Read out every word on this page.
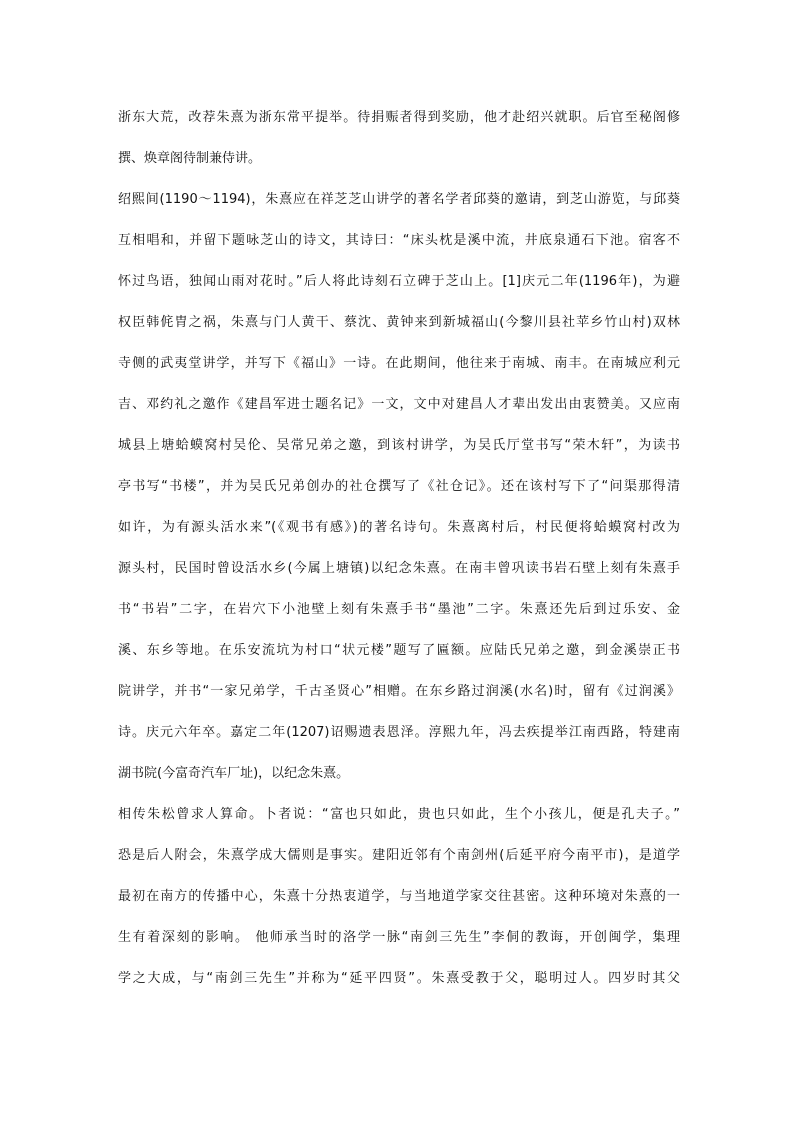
浙东大荒，改荐朱熹为浙东常平提举。待捐赈者得到奖励，他才赴绍兴就职。后官至秘阁修
撰、焕章阁待制兼侍讲。
绍熙间(1190～1194)，朱熹应在祥芝芝山讲学的著名学者邱葵的邀请，到芝山游览，与邱葵
互相唱和，并留下题咏芝山的诗文，其诗曰：“床头枕是溪中流，井底泉通石下池。宿客不
怀过鸟语，独闻山雨对花时。”后人将此诗刻石立碑于芝山上。[1]庆元二年(1196年)，为避
权臣韩侂胄之祸，朱熹与门人黄干、蔡沈、黄钟来到新城福山(今黎川县社苹乡竹山村)双林
寺侧的武夷堂讲学，并写下《福山》一诗。在此期间，他往来于南城、南丰。在南城应利元
吉、邓约礼之邀作《建昌军进士题名记》一文，文中对建昌人才辈出发出由衷赞美。又应南
城县上塘蛤蟆窝村吴伦、吴常兄弟之邀，到该村讲学，为吴氏厅堂书写“荣木轩”，为读书
亭书写“书楼”，并为吴氏兄弟创办的社仓撰写了《社仓记》。还在该村写下了“问渠那得清
如许，为有源头活水来”(《观书有感》)的著名诗句。朱熹离村后，村民便将蛤蟆窝村改为
源头村，民国时曾设活水乡(今属上塘镇)以纪念朱熹。在南丰曾巩读书岩石壁上刻有朱熹手
书“书岩”二字，在岩穴下小池壁上刻有朱熹手书“墨池”二字。朱熹还先后到过乐安、金
溪、东乡等地。在乐安流坑为村口“状元楼”题写了匾额。应陆氏兄弟之邀，到金溪崇正书
院讲学，并书“一家兄弟学，千古圣贤心”相赠。在东乡路过润溪(水名)时，留有《过润溪》
诗。庆元六年卒。嘉定二年(1207)诏赐遗表恩泽。淳熙九年，冯去疾提举江南西路，特建南
湖书院(今富奇汽车厂址)，以纪念朱熹。
相传朱松曾求人算命。卜者说：“富也只如此，贵也只如此，生个小孩儿，便是孔夫子。”
恐是后人附会，朱熹学成大儒则是事实。建阳近邻有个南剑州(后延平府今南平市)，是道学
最初在南方的传播中心，朱熹十分热衷道学，与当地道学家交往甚密。这种环境对朱熹的一
生有着深刻的影响。 他师承当时的洛学一脉“南剑三先生”李侗的教诲，开创闽学，集理
学之大成，与“南剑三先生”并称为“延平四贤”。朱熹受教于父，聪明过人。四岁时其父
